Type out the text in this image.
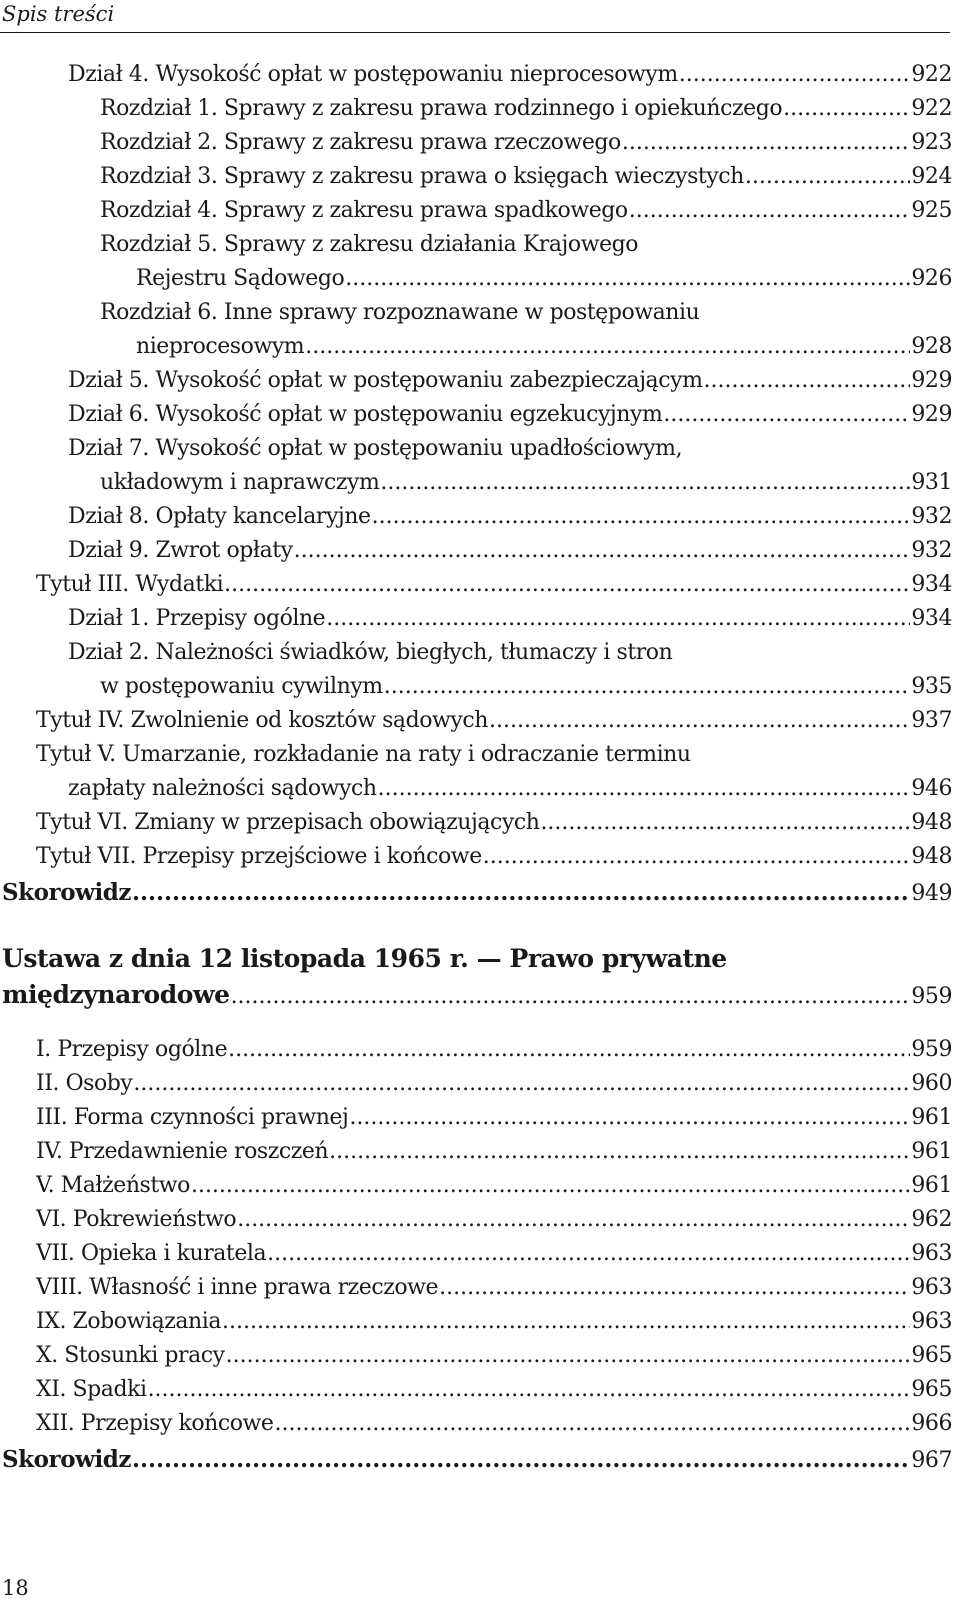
Spis treści
Dział 4. Wysokość opłat w postępowaniu nieprocesowym .....	922
Rozdział 1. Sprawy z zakresu prawa rodzinnego i opiekuńczego .....	922
Rozdział 2. Sprawy z zakresu prawa rzeczowego .....	923
Rozdział 3. Sprawy z zakresu prawa o księgach wieczystych .....	924
Rozdział 4. Sprawy z zakresu prawa spadkowego .....	925
Rozdział 5. Sprawy z zakresu działania Krajowego
Rejestru Sądowego .....	926
Rozdział 6. Inne sprawy rozpoznawane w postępowaniu
nieprocesowym .....	928
Dział 5. Wysokość opłat w postępowaniu zabezpieczającym .....	929
Dział 6. Wysokość opłat w postępowaniu egzekucyjnym .....	929
Dział 7. Wysokość opłat w postępowaniu upadłościowym,
układowym i naprawczym .....	931
Dział 8. Opłaty kancelaryjne .....	932
Dział 9. Zwrot opłaty .....	932
Tytuł III. Wydatki .....	934
Dział 1. Przepisy ogólne .....	934
Dział 2. Należności świadków, biegłych, tłumaczy i stron
w postępowaniu cywilnym .....	935
Tytuł IV. Zwolnienie od kosztów sądowych .....	937
Tytuł V. Umarzanie, rozkładanie na raty i odraczanie terminu
zapłaty należności sądowych .....	946
Tytuł VI. Zmiany w przepisach obowiązujących .....	948
Tytuł VII. Przepisy przejściowe i końcowe .....	948
Skorowidz .....	949
Ustawa z dnia 12 listopada 1965 r. — Prawo prywatne
międzynarodowe .....	959
I. Przepisy ogólne .....	959
II. Osoby .....	960
III. Forma czynności prawnej .....	961
IV. Przedawnienie roszczeń .....	961
V. Małżeństwo .....	961
VI. Pokrewieństwo .....	962
VII. Opieka i kuratela .....	963
VIII. Własność i inne prawa rzeczowe .....	963
IX. Zobowiązania .....	963
X. Stosunki pracy .....	965
XI. Spadki .....	965
XII. Przepisy końcowe .....	966
Skorowidz .....	967
18
